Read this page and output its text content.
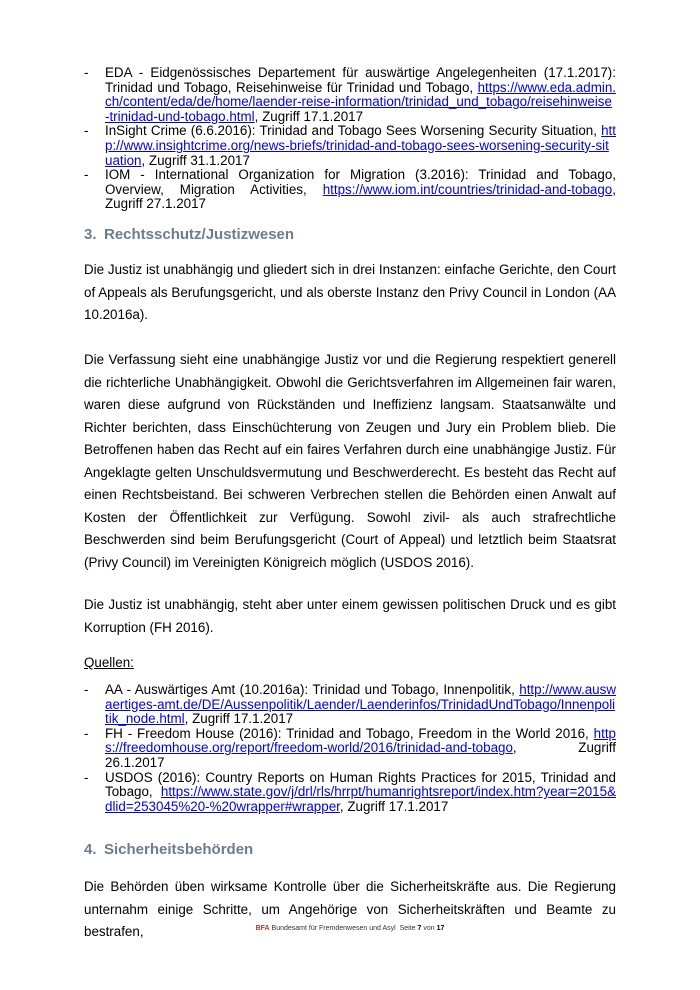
- EDA - Eidgenössisches Departement für auswärtige Angelegenheiten (17.1.2017): Trinidad und Tobago, Reisehinweise für Trinidad und Tobago, https://www.eda.admin.ch/content/eda/de/home/laender-reise-information/trinidad_und_tobago/reisehinweise-trinidad-und-tobago.html, Zugriff 17.1.2017
- InSight Crime (6.6.2016): Trinidad and Tobago Sees Worsening Security Situation, http://www.insightcrime.org/news-briefs/trinidad-and-tobago-sees-worsening-security-situation, Zugriff 31.1.2017
- IOM - International Organization for Migration (3.2016): Trinidad and Tobago, Overview, Migration Activities, https://www.iom.int/countries/trinidad-and-tobago, Zugriff 27.1.2017
3. Rechtsschutz/Justizwesen

Die Justiz ist unabhängig und gliedert sich in drei Instanzen: einfache Gerichte, den Court of Appeals als Berufungsgericht, und als oberste Instanz den Privy Council in London (AA 10.2016a).

Die Verfassung sieht eine unabhängige Justiz vor und die Regierung respektiert generell die richterliche Unabhängigkeit. Obwohl die Gerichtsverfahren im Allgemeinen fair waren, waren diese aufgrund von Rückständen und Ineffizienz langsam. Staatsanwälte und Richter berichten, dass Einschüchterung von Zeugen und Jury ein Problem blieb. Die Betroffenen haben das Recht auf ein faires Verfahren durch eine unabhängige Justiz. Für Angeklagte gelten Unschuldsvermutung und Beschwerderecht. Es besteht das Recht auf einen Rechtsbeistand. Bei schweren Verbrechen stellen die Behörden einen Anwalt auf Kosten der Öffentlichkeit zur Verfügung. Sowohl zivil- als auch strafrechtliche Beschwerden sind beim Berufungsgericht (Court of Appeal) und letztlich beim Staatsrat (Privy Council) im Vereinigten Königreich möglich (USDOS 2016).

Die Justiz ist unabhängig, steht aber unter einem gewissen politischen Druck und es gibt Korruption (FH 2016).

Quellen:
- AA - Auswärtiges Amt (10.2016a): Trinidad und Tobago, Innenpolitik, http://www.auswaertiges-amt.de/DE/Aussenpolitik/Laender/Laenderinfos/TrinidadUndTobago/Innenpolitik_node.html, Zugriff 17.1.2017
- FH - Freedom House (2016): Trinidad and Tobago, Freedom in the World 2016, https://freedomhouse.org/report/freedom-world/2016/trinidad-and-tobago, Zugriff 26.1.2017
- USDOS (2016): Country Reports on Human Rights Practices for 2015, Trinidad and Tobago, https://www.state.gov/j/drl/rls/hrrpt/humanrightsreport/index.htm?year=2015&dlid=253045%20-%20wrapper#wrapper, Zugriff 17.1.2017
4. Sicherheitsbehörden

Die Behörden üben wirksame Kontrolle über die Sicherheitskräfte aus. Die Regierung unternahm einige Schritte, um Angehörige von Sicherheitskräften und Beamte zu bestrafen,	BFA Bundesamt für Fremdenwesen und Asyl Seite 7 von 17
